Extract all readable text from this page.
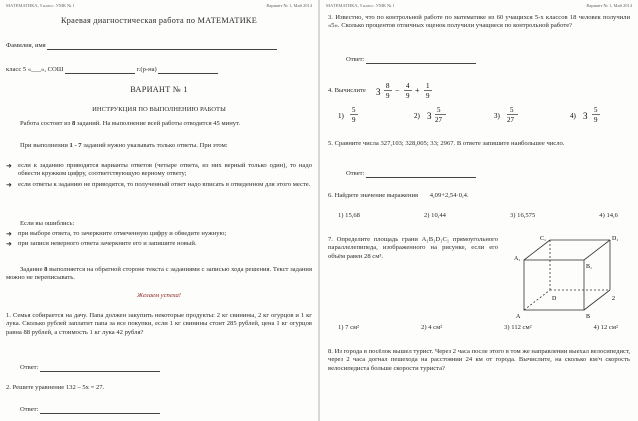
МАТЕМАТИКА, 5 класс. УМК № 1	Вариант № 1, Май 2014
Краевая диагностическая работа по МАТЕМАТИКЕ
Фамилия, имя
класс 5 «___», СОШ	г.(р-на)
ВАРИАНТ № 1
ИНСТРУКЦИЯ ПО ВЫПОЛНЕНИЮ РАБОТЫ
Работа состоит из 8 заданий. На выполнение всей работы отводится 45 минут.
При выполнении 1 - 7 заданий нужно указывать только ответы. При этом:
➜ если к заданию приводятся варианты ответов (четыре ответа, из них верный только один), то надо обвести кружком цифру, соответствующую верному ответу;
➜ если ответы к заданию не приводятся, то полученный ответ надо вписать в отведенном для этого месте.
Если вы ошиблись:
➜ при выборе ответа, то зачеркните отмеченную цифру и обведите нужную;
➜ при записи неверного ответа зачеркните его и запишите новый.
Задание 8 выполняется на обратной стороне текста с заданиями с записью хода решения. Текст задания можно не переписывать.
Желаем успеха!
1. Семья собирается на дачу. Папа должен закупить некоторые продукты: 2 кг свинины, 2 кг огурцов и 1 кг лука. Сколько рублей заплатит папа за все покупки, если 1 кг свинины стоит 285 рублей, цена 1 кг огурцов равна 88 рублей, а стоимость 1 кг лука 42 рубля?
Ответ:
2. Решите уравнение 132 – 5x = 27.
Ответ:
МАТЕМАТИКА, 5 класс. УМК № 1	Вариант № 1, Май 2014
3. Известно, что по контрольной работе по математике из 60 учащихся 5-х классов 18 человек получили «5». Сколько процентов отличных оценок получили учащиеся по контрольной работе?
Ответ:
4. Вычислите 3
8
9
− 4
9
+ 1
9
1)
5
9	2) 3
5
27	3)
5
27	4) 3
5
9
5. Сравните числа 327,103; 328,005; 33; 2967. В ответе запишите наибольшее число.
Ответ:
6. Найдите значение выражения 4,09+2,54·0,4.
1) 15,68	2) 10,44	3) 16,575	4) 14,6
7. Определите площадь грани A₁B₁D₁C₁ прямоугольного параллелепипеда, изображенного на рисунке, если его объём равен 28 см³.
C₁	D₁
A₁
B₁
2
D
A	B
1) 7 см²	2) 4 см²	3) 112 см²	4) 12 см²
8. Из города в посёлок вышел турист. Через 2 часа после этого в том же направлении выехал велосипедист, через 2 часа догнал пешехода на расстоянии 24 км от города. Вычислите, на сколько км/ч скорость велосипедиста больше скорости туриста?
